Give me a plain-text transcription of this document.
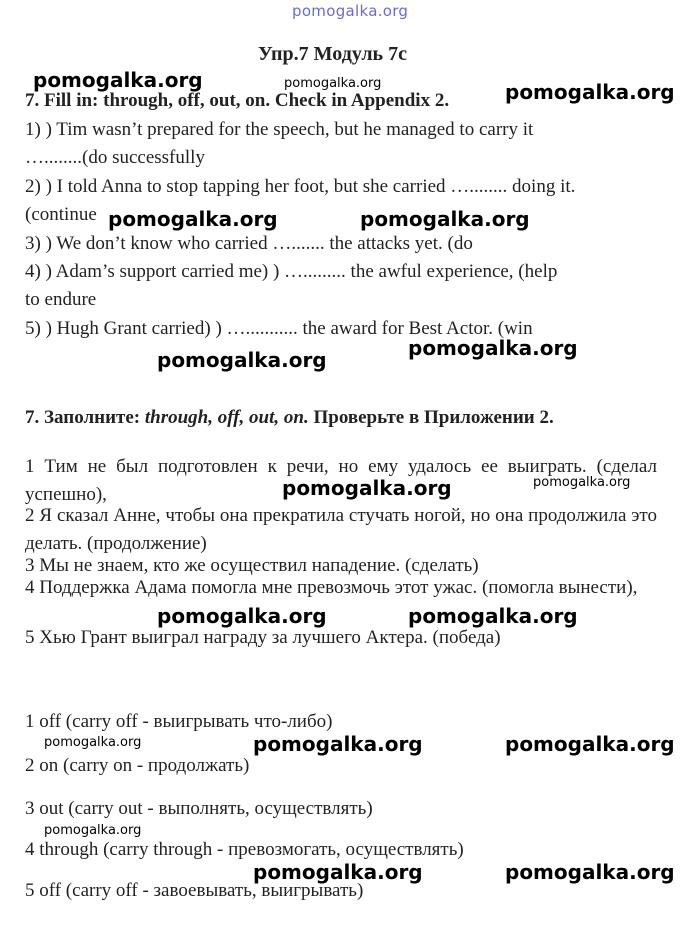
pomogalka.org
Упр.7 Модуль 7с
7. Fill in: through, off, out, on. Check in Appendix 2.
1) ) Tim wasn’t prepared for the speech, but he managed to carry it
…........(do successfully
2) ) I told Anna to stop tapping her foot, but she carried …........ doing it.
(continue
3) ) We don’t know who carried …....... the attacks yet. (do
4) ) Adam’s support carried me) ) …......... the awful experience, (help
to endure
5) ) Hugh Grant carried) ) …........... the award for Best Actor. (win
7. Заполните: through, off, out, on. Проверьте в Приложении 2.
1 Тим не был подготовлен к речи, но ему удалось ее выиграть. (сделал успешно),
2 Я сказал Анне, чтобы она прекратила стучать ногой, но она продолжила это делать. (продолжение)
3 Мы не знаем, кто же осуществил нападение. (сделать)
4 Поддержка Адама помогла мне превозмочь этот ужас. (помогла вынести),
5 Хью Грант выиграл награду за лучшего Актера. (победа)
1 off (carry off - выигрывать что-либо)
2 on (carry on - продолжать)
3 out (carry out - выполнять, осуществлять)
4 through (carry through - превозмогать, осуществлять)
5 off (carry off - завоевывать, выигрывать)
pomogalka.org	pomogalka.org
pomogalka.org	pomogalka.org
pomogalka.org
pomogalka.org
pomogalka.org
pomogalka.org	pomogalka.org
pomogalka.org	pomogalka.org
pomogalka.org	pomogalka.org
pomogalka.org
pomogalka.org
pomogalka.org
pomogalka.org
